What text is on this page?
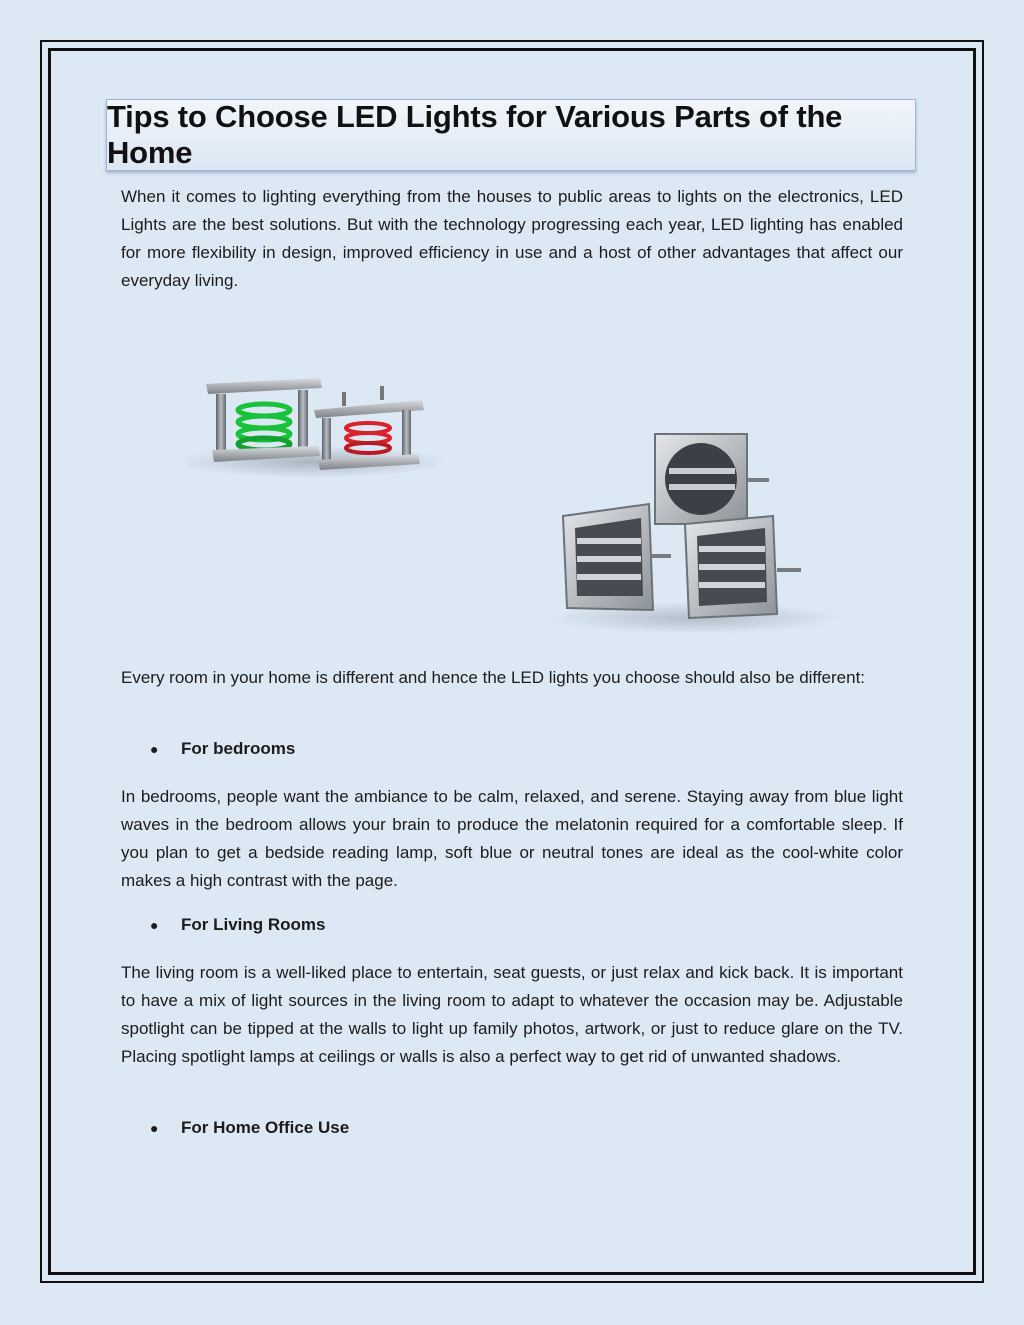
Tips to Choose LED Lights for Various Parts of the Home

When it comes to lighting everything from the houses to public areas to lights on the electronics, LED Lights are the best solutions. But with the technology progressing each year, LED lighting has enabled for more flexibility in design, improved efficiency in use and a host of other advantages that affect our everyday living.

Every room in your home is different and hence the LED lights you choose should also be different:

●	For bedrooms

In bedrooms, people want the ambiance to be calm, relaxed, and serene. Staying away from blue light waves in the bedroom allows your brain to produce the melatonin required for a comfortable sleep. If you plan to get a bedside reading lamp, soft blue or neutral tones are ideal as the cool-white color makes a high contrast with the page.

●	For Living Rooms

The living room is a well-liked place to entertain, seat guests, or just relax and kick back. It is important to have a mix of light sources in the living room to adapt to whatever the occasion may be. Adjustable spotlight can be tipped at the walls to light up family photos, artwork, or just to reduce glare on the TV. Placing spotlight lamps at ceilings or walls is also a perfect way to get rid of unwanted shadows.

●	For Home Office Use
